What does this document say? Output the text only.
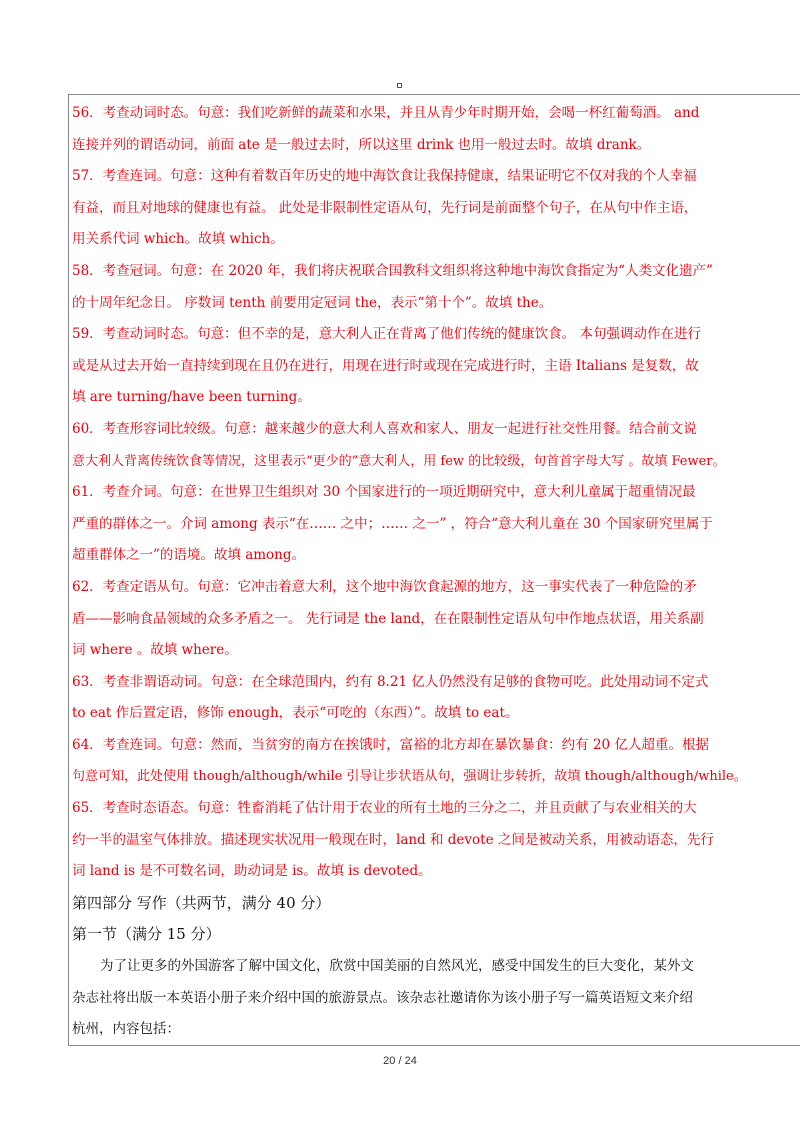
56．考查动词时态。句意：我们吃新鲜的蔬菜和水果，并且从青少年时期开始，会喝一杯红葡萄酒。 and
连接并列的谓语动词，前面 ate 是一般过去时，所以这里 drink 也用一般过去时。故填 drank。
57．考查连词。句意：这种有着数百年历史的地中海饮食让我保持健康，结果证明它不仅对我的个人幸福
有益，而且对地球的健康也有益。 此处是非限制性定语从句，先行词是前面整个句子，在从句中作主语，
用关系代词 which。故填 which。
58．考查冠词。句意：在 2020 年，我们将庆祝联合国教科文组织将这种地中海饮食指定为“人类文化遗产”
的十周年纪念日。 序数词 tenth 前要用定冠词 the，表示“第十个”。故填 the。
59．考查动词时态。句意：但不幸的是，意大利人正在背离了他们传统的健康饮食。 本句强调动作在进行
或是从过去开始一直持续到现在且仍在进行，用现在进行时或现在完成进行时，主语 Italians 是复数，故
填 are turning/have been turning。
60．考查形容词比较级。句意：越来越少的意大利人喜欢和家人、朋友一起进行社交性用餐。结合前文说
意大利人背离传统饮食等情况，这里表示“更少的”意大利人，用 few 的比较级，句首首字母大写 。故填 Fewer。
61．考查介词。句意：在世界卫生组织对 30 个国家进行的一项近期研究中，意大利儿童属于超重情况最
严重的群体之一。介词 among 表示“在…… 之中；…… 之一” ，符合“意大利儿童在 30 个国家研究里属于
超重群体之一”的语境。故填 among。
62．考查定语从句。句意：它冲击着意大利，这个地中海饮食起源的地方，这一事实代表了一种危险的矛
盾——影响食品领域的众多矛盾之一。 先行词是 the land，在在限制性定语从句中作地点状语，用关系副
词 where 。故填 where。
63．考查非谓语动词。句意：在全球范围内，约有 8.21 亿人仍然没有足够的食物可吃。此处用动词不定式
to eat 作后置定语，修饰 enough，表示“可吃的（东西）”。故填 to eat。
64．考查连词。句意：然而，当贫穷的南方在挨饿时，富裕的北方却在暴饮暴食：约有 20 亿人超重。根据
句意可知，此处使用 though/although/while 引导让步状语从句，强调让步转折，故填 though/although/while。
65．考查时态语态。句意：牲畜消耗了估计用于农业的所有土地的三分之二，并且贡献了与农业相关的大
约一半的温室气体排放。描述现实状况用一般现在时，land 和 devote 之间是被动关系，用被动语态，先行
词 land is 是不可数名词，助动词是 is。故填 is devoted。
第四部分 写作（共两节，满分 40 分）
第一节（满分 15 分）
为了让更多的外国游客了解中国文化，欣赏中国美丽的自然风光，感受中国发生的巨大变化，某外文
杂志社将出版一本英语小册子来介绍中国的旅游景点。该杂志社邀请你为该小册子写一篇英语短文来介绍
杭州，内容包括：
20 / 24
